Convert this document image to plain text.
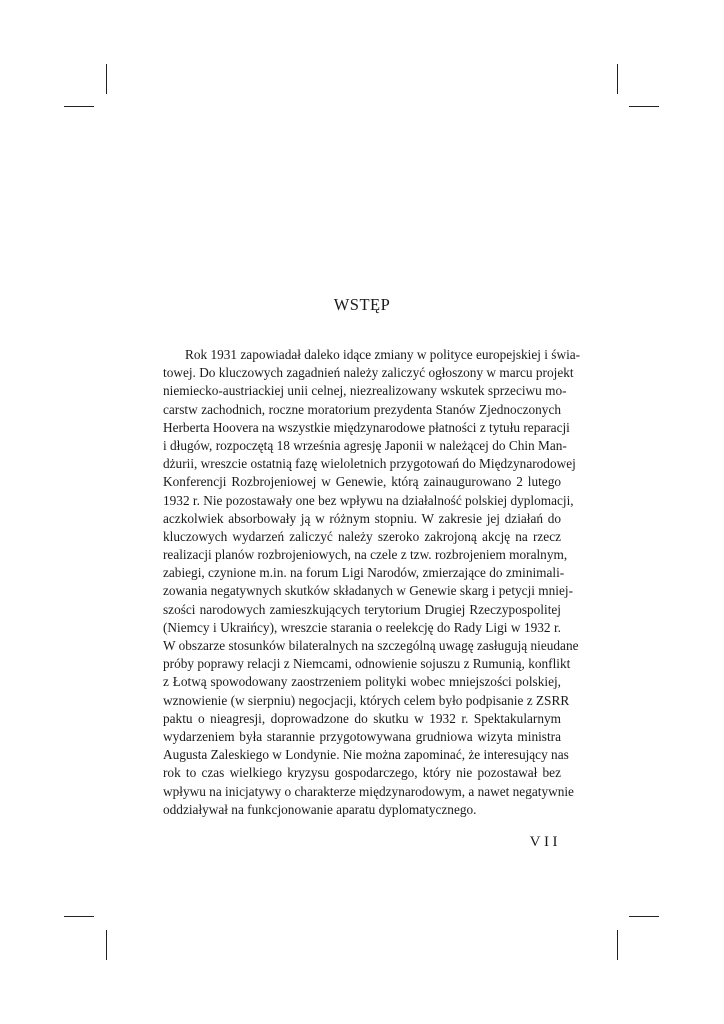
WSTĘP
Rok 1931 zapowiadał daleko idące zmiany w polityce europejskiej i świa-
towej. Do kluczowych zagadnień należy zaliczyć ogłoszony w marcu projekt
niemiecko-austriackiej unii celnej, niezrealizowany wskutek sprzeciwu mo-
carstw zachodnich, roczne moratorium prezydenta Stanów Zjednoczonych
Herberta Hoovera na wszystkie międzynarodowe płatności z tytułu reparacji
i długów, rozpoczętą 18 września agresję Japonii w należącej do Chin Man-
dżurii, wreszcie ostatnią fazę wieloletnich przygotowań do Międzynarodowej
Konferencji Rozbrojeniowej w Genewie, którą zainaugurowano 2 lutego
1932 r. Nie pozostawały one bez wpływu na działalność polskiej dyplomacji,
aczkolwiek absorbowały ją w różnym stopniu. W zakresie jej działań do
kluczowych wydarzeń zaliczyć należy szeroko zakrojoną akcję na rzecz
realizacji planów rozbrojeniowych, na czele z tzw. rozbrojeniem moralnym,
zabiegi, czynione m.in. na forum Ligi Narodów, zmierzające do zminimali-
zowania negatywnych skutków składanych w Genewie skarg i petycji mniej-
szości narodowych zamieszkujących terytorium Drugiej Rzeczypospolitej
(Niemcy i Ukraińcy), wreszcie starania o reelekcję do Rady Ligi w 1932 r.
W obszarze stosunków bilateralnych na szczególną uwagę zasługują nieudane
próby poprawy relacji z Niemcami, odnowienie sojuszu z Rumunią, konflikt
z Łotwą spowodowany zaostrzeniem polityki wobec mniejszości polskiej,
wznowienie (w sierpniu) negocjacji, których celem było podpisanie z ZSRR
paktu o nieagresji, doprowadzone do skutku w 1932 r. Spektakularnym
wydarzeniem była starannie przygotowywana grudniowa wizyta ministra
Augusta Zaleskiego w Londynie. Nie można zapominać, że interesujący nas
rok to czas wielkiego kryzysu gospodarczego, który nie pozostawał bez
wpływu na inicjatywy o charakterze międzynarodowym, a nawet negatywnie
oddziaływał na funkcjonowanie aparatu dyplomatycznego.
VII
